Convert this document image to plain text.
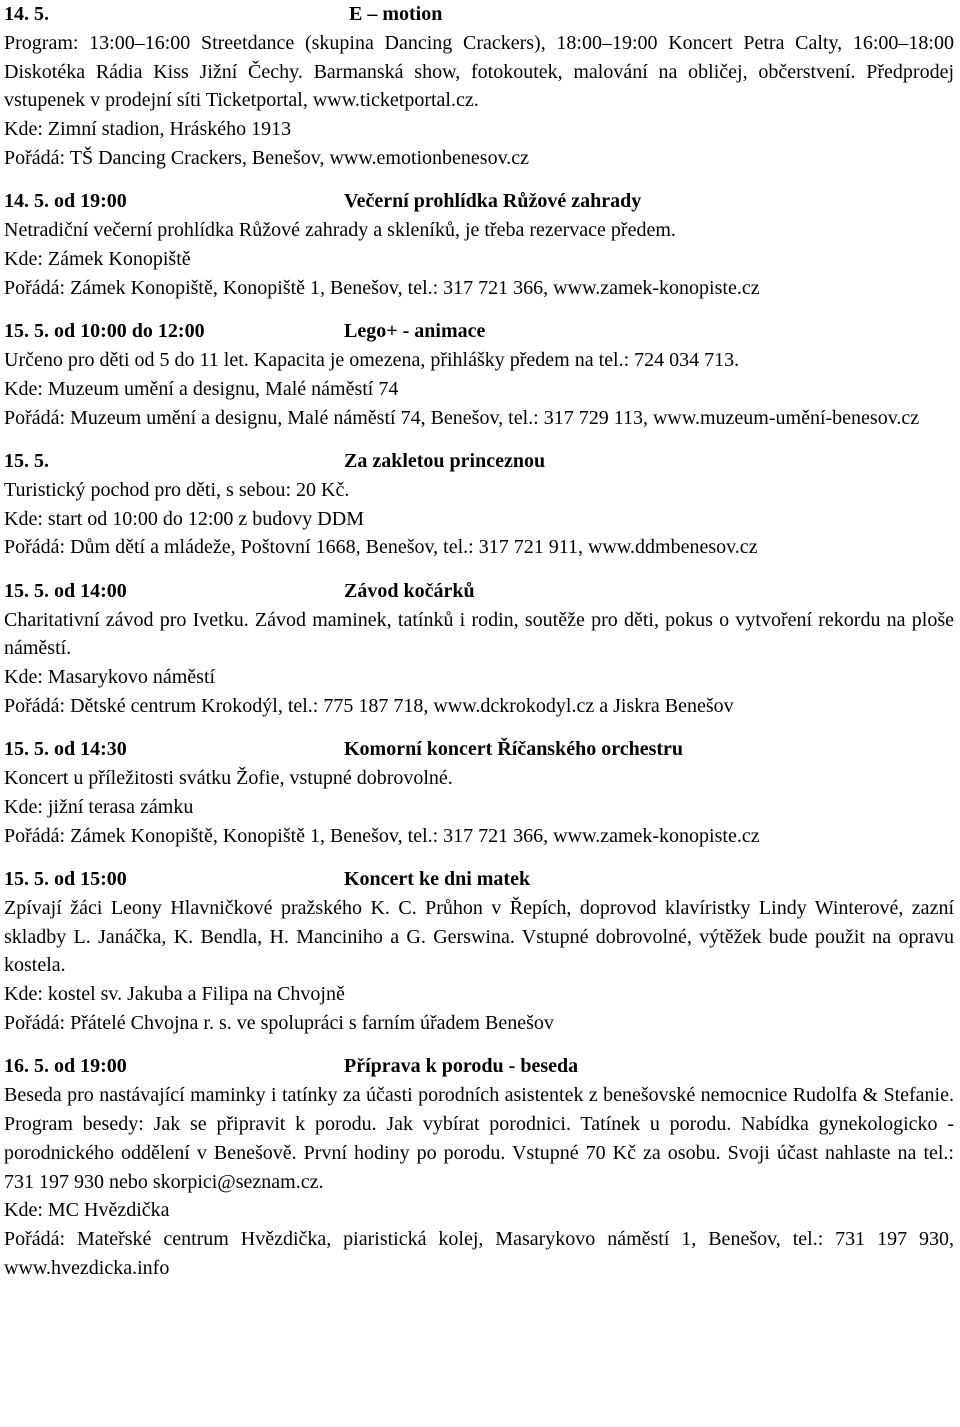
14. 5.	E – motion
Program: 13:00–16:00 Streetdance (skupina Dancing Crackers), 18:00–19:00 Koncert Petra Calty, 16:00–18:00 Diskotéka Rádia Kiss Jižní Čechy. Barmanská show, fotokoutek, malování na obličej, občerstvení. Předprodej vstupenek v prodejní síti Ticketportal, www.ticketportal.cz.
Kde: Zimní stadion, Hráského 1913
Pořádá: TŠ Dancing Crackers, Benešov, www.emotionbenesov.cz
14. 5. od 19:00	Večerní prohlídka Růžové zahrady
Netradiční večerní prohlídka Růžové zahrady a skleníků, je třeba rezervace předem.
Kde: Zámek Konopiště
Pořádá: Zámek Konopiště, Konopiště 1, Benešov, tel.: 317 721 366, www.zamek-konopiste.cz
15. 5. od 10:00 do 12:00	Lego+ - animace
Určeno pro děti od 5 do 11 let. Kapacita je omezena, přihlášky předem na tel.: 724 034 713.
Kde: Muzeum umění a designu, Malé náměstí 74
Pořádá: Muzeum umění a designu, Malé náměstí 74, Benešov, tel.: 317 729 113, www.muzeum-umění-benesov.cz
15. 5.	Za zakletou princeznou
Turistický pochod pro děti, s sebou: 20 Kč.
Kde: start od 10:00 do 12:00 z budovy DDM
Pořádá: Dům dětí a mládeže, Poštovní 1668, Benešov, tel.: 317 721 911, www.ddmbenesov.cz
15. 5. od 14:00	Závod kočárků
Charitativní závod pro Ivetku. Závod maminek, tatínků i rodin, soutěže pro děti, pokus o vytvoření rekordu na ploše náměstí.
Kde: Masarykovo náměstí
Pořádá: Dětské centrum Krokodýl, tel.: 775 187 718, www.dckrokodyl.cz a Jiskra Benešov
15. 5. od 14:30	Komorní koncert Říčanského orchestru
Koncert u příležitosti svátku Žofie, vstupné dobrovolné.
Kde: jižní terasa zámku
Pořádá: Zámek Konopiště, Konopiště 1, Benešov, tel.: 317 721 366, www.zamek-konopiste.cz
15. 5. od 15:00	Koncert ke dni matek
Zpívají žáci Leony Hlavničkové pražského K. C. Průhon v Řepích, doprovod klavíristky Lindy Winterové, zazní skladby L. Janáčka, K. Bendla, H. Manciniho a G. Gerswina. Vstupné dobrovolné, výtěžek bude použit na opravu kostela.
Kde: kostel sv. Jakuba a Filipa na Chvojně
Pořádá: Přátelé Chvojna r. s. ve spolupráci s farním úřadem Benešov
16. 5. od 19:00	Příprava k porodu - beseda
Beseda pro nastávající maminky i tatínky za účasti porodních asistentek z benešovské nemocnice Rudolfa & Stefanie. Program besedy: Jak se připravit k porodu. Jak vybírat porodnici. Tatínek u porodu. Nabídka gynekologicko - porodnického oddělení v Benešově. První hodiny po porodu. Vstupné 70 Kč za osobu. Svoji účast nahlaste na tel.: 731 197 930 nebo skorpici@seznam.cz.
Kde: MC Hvězdička
Pořádá: Mateřské centrum Hvězdička, piaristická kolej, Masarykovo náměstí 1, Benešov, tel.: 731 197 930, www.hvezdicka.info
